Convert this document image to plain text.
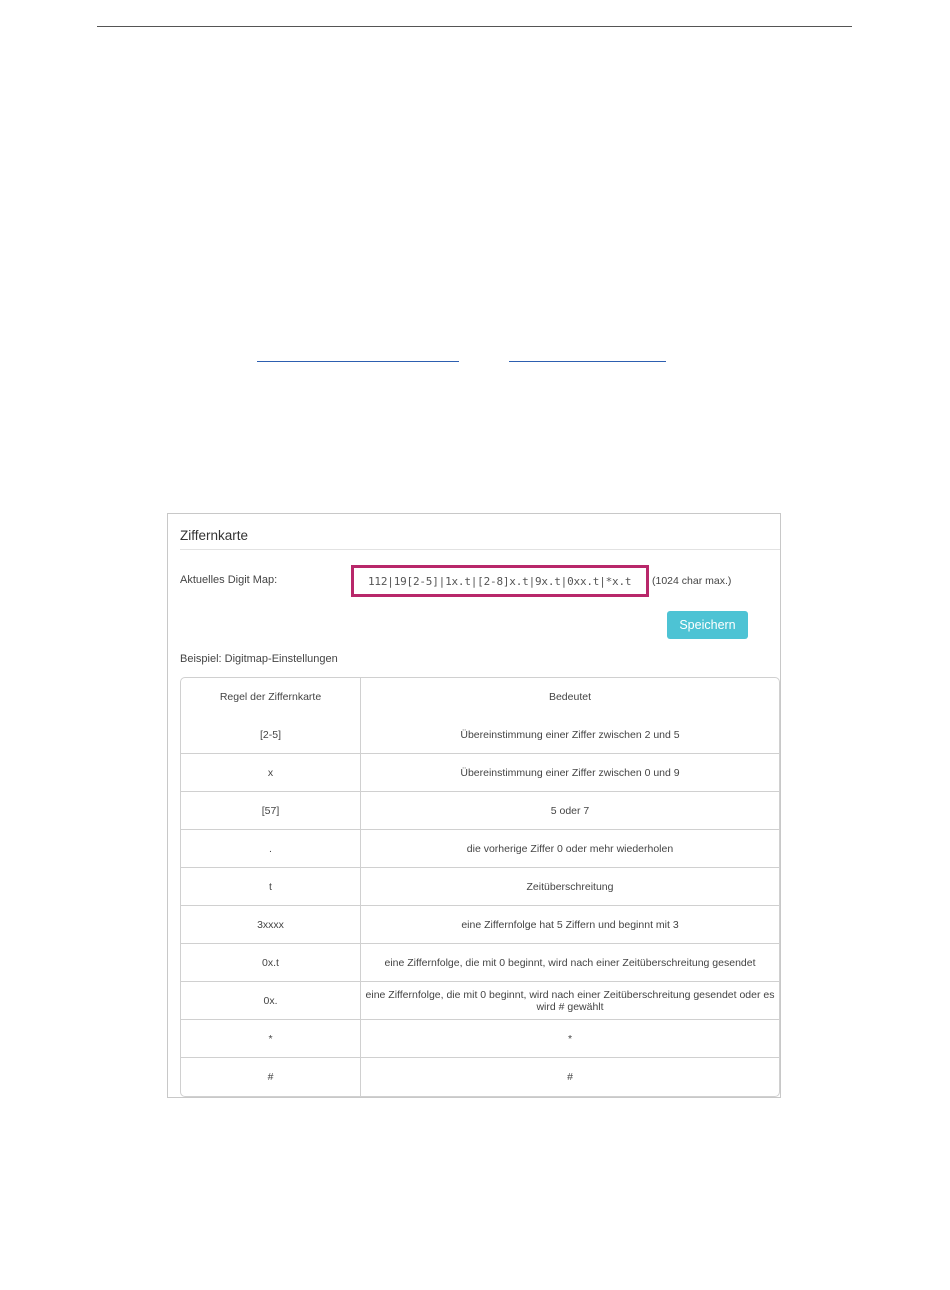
Ziffernkarte
Aktuelles Digit Map:
112|19[2-5]|1x.t|[2-8]x.t|9x.t|0xx.t|*x.t	(1024 char max.)
Speichern
Beispiel: Digitmap-Einstellungen
Regel der Ziffernkarte	Bedeutet
[2-5]	Übereinstimmung einer Ziffer zwischen 2 und 5
x	Übereinstimmung einer Ziffer zwischen 0 und 9
[57]	5 oder 7
.	die vorherige Ziffer 0 oder mehr wiederholen
t	Zeitüberschreitung
3xxxx	eine Ziffernfolge hat 5 Ziffern und beginnt mit 3
0x.t	eine Ziffernfolge, die mit 0 beginnt, wird nach einer Zeitüberschreitung gesendet
0x.	eine Ziffernfolge, die mit 0 beginnt, wird nach einer Zeitüberschreitung gesendet oder es wird # gewählt
*	*
#	#
